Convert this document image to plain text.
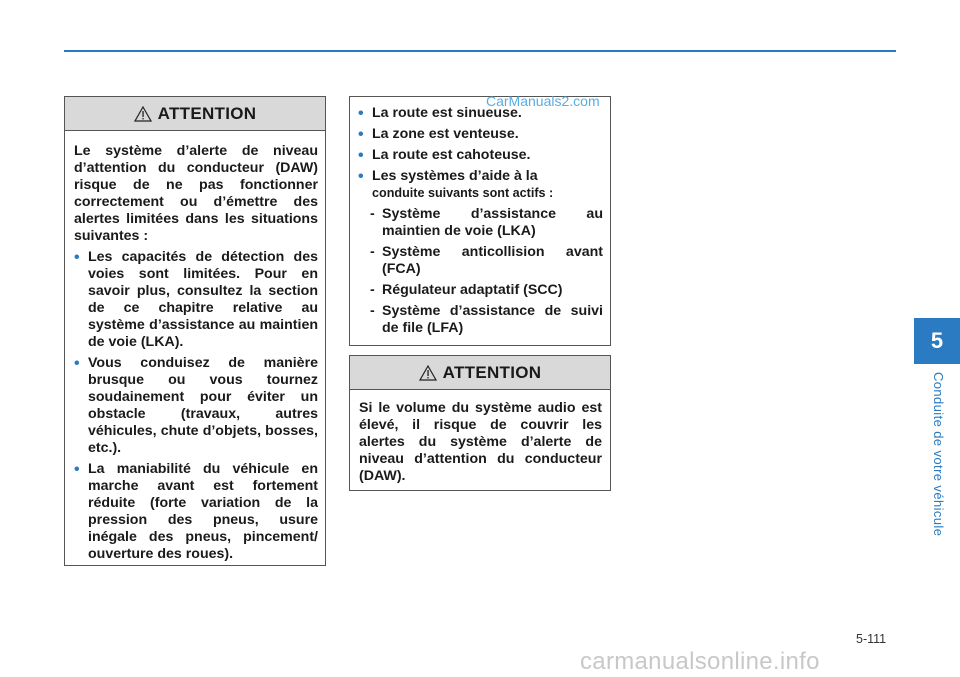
ATTENTION

Le système d’alerte de niveau d’attention du conducteur (DAW) risque de ne pas fonctionner correctement ou d’émettre des alertes limitées dans les situations suivantes :

• Les capacités de détection des voies sont limitées. Pour en savoir plus, consultez la section de ce chapitre relative au système d’assistance au maintien de voie (LKA).
• Vous conduisez de manière brusque ou vous tournez soudainement pour éviter un obstacle (travaux, autres véhicules, chute d’objets, bosses, etc.).
• La maniabilité du véhicule en marche avant est fortement réduite (forte variation de la pression des pneus, usure inégale des pneus, pincement/ ouverture des roues).
• La route est sinueuse.
• La zone est venteuse.
• La route est cahoteuse.
• Les systèmes d’aide à la
conduite suivants sont actifs :
- Système d’assistance au maintien de voie (LKA)
- Système anticollision avant (FCA)
- Régulateur adaptatif (SCC)
- Système d’assistance de suivi de file (LFA)
ATTENTION

Si le volume du système audio est élevé, il risque de couvrir les alertes du système d’alerte de niveau d’attention du conducteur (DAW).

CarManuals2.com
5
Conduite de votre véhicule
5-111
carmanualsonline.info
